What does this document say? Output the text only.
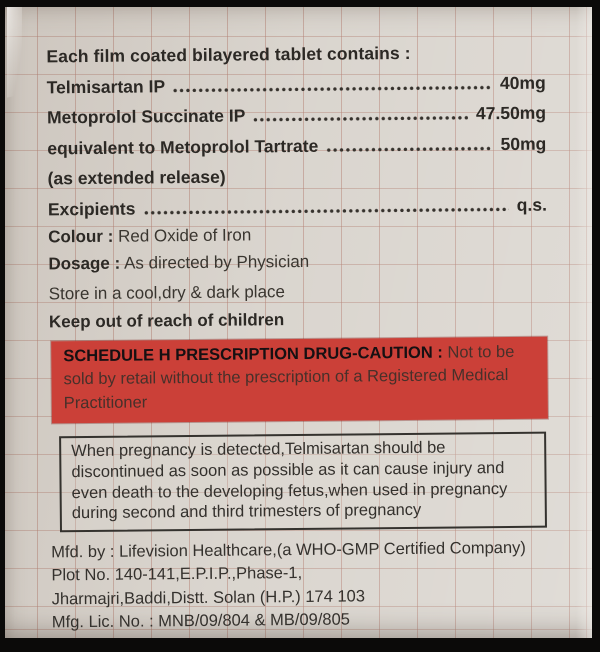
Each film coated bilayered tablet contains :
Telmisartan IP	40mg
Metoprolol Succinate IP	47.50mg
equivalent to Metoprolol Tartrate	50mg
(as extended release)
Excipients	q.s.
Colour : Red Oxide of Iron
Dosage : As directed by Physician
Store in a cool,dry & dark place
Keep out of reach of children
SCHEDULE H PRESCRIPTION DRUG-CAUTION : Not to be sold by retail without the prescription of a Registered Medical Practitioner
When pregnancy is detected,Telmisartan should be discontinued as soon as possible as it can cause injury and even death to the developing fetus,when used in pregnancy during second and third trimesters of pregnancy
Mfd. by : Lifevision Healthcare,(a WHO-GMP Certified Company)
Plot No. 140-141,E.P.I.P.,Phase-1,
Jharmajri,Baddi,Distt. Solan (H.P.) 174 103
Mfg. Lic. No. : MNB/09/804 & MB/09/805
